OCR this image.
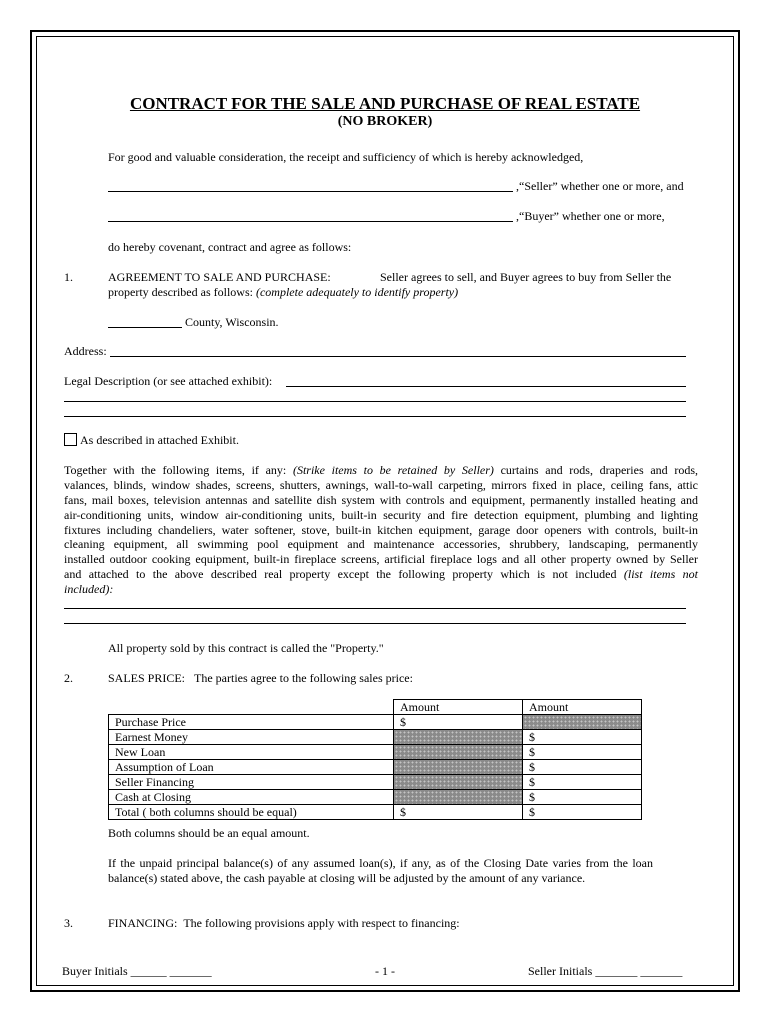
CONTRACT FOR THE SALE AND PURCHASE OF REAL ESTATE
(NO BROKER)
For good and valuable consideration, the receipt and sufficiency of which is hereby acknowledged,
,“Seller” whether one or more, and
,“Buyer” whether one or more,
do hereby covenant, contract and agree as follows:
1.	AGREEMENT TO SALE AND PURCHASE:	Seller agrees to sell, and Buyer agrees to buy from Seller the
property described as follows: (complete adequately to identify property)
County, Wisconsin.
Address:
Legal Description (or see attached exhibit):
As described in attached Exhibit.
Together with the following items, if any: (Strike items to be retained by Seller) curtains and rods, draperies and rods,
valances, blinds, window shades, screens, shutters, awnings, wall-to-wall carpeting, mirrors fixed in place, ceiling fans, attic
fans, mail boxes, television antennas and satellite dish system with controls and equipment, permanently installed heating and
air-conditioning units, window air-conditioning units, built-in security and fire detection equipment, plumbing and lighting
fixtures including chandeliers, water softener, stove, built-in kitchen equipment, garage door openers with controls, built-in
cleaning equipment, all swimming pool equipment and maintenance accessories, shrubbery, landscaping, permanently
installed outdoor cooking equipment, built-in fireplace screens, artificial fireplace logs and all other property owned by Seller
and attached to the above described real property except the following property which is not included (list items not
included):
All property sold by this contract is called the "Property."
2.	SALES PRICE: The parties agree to the following sales price:
	Amount	Amount
Purchase Price	$	
Earnest Money		$
New Loan		$
Assumption of Loan		$
Seller Financing		$
Cash at Closing		$
Total ( both columns should be equal)	$	$
Both columns should be an equal amount.
If the unpaid principal balance(s) of any assumed loan(s), if any, as of the Closing Date varies from the loan
balance(s) stated above, the cash payable at closing will be adjusted by the amount of any variance.
3.	FINANCING: The following provisions apply with respect to financing:
Buyer Initials ______ _______	- 1 -	Seller Initials _______ _______
